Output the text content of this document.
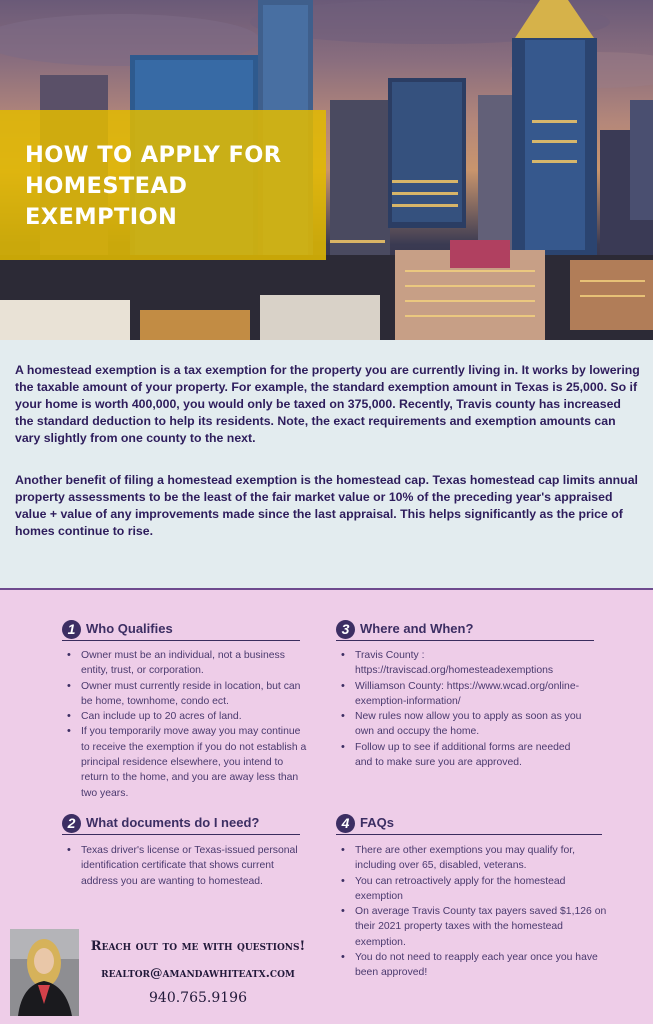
HOW TO APPLY FOR HOMESTEAD EXEMPTION

A homestead exemption is a tax exemption for the property you are currently living in. It works by lowering the taxable amount of your property. For example, the standard exemption amount in Texas is 25,000. So if your home is worth 400,000, you would only be taxed on 375,000. Recently, Travis county has increased the standard deduction to help its residents. Note, the exact requirements and exemption amounts can vary slightly from one county to the next.

Another benefit of filing a homestead exemption is the homestead cap. Texas homestead cap limits annual property assessments to be the least of the fair market value or 10% of the preceding year's appraised value + value of any improvements made since the last appraisal. This helps significantly as the price of homes continue to rise.

1 Who Qualifies
• Owner must be an individual, not a business entity, trust, or corporation.
• Owner must currently reside in location, but can be home, townhome, condo ect.
• Can include up to 20 acres of land.
• If you temporarily move away you may continue to receive the exemption if you do not establish a principal residence elsewhere, you intend to return to the home, and you are away less than two years.
2 What documents do I need?
• Texas driver's license or Texas-issued personal identification certificate that shows current address you are wanting to homestead.
3 Where and When?
• Travis County : https://traviscad.org/homesteadexemptions
• Williamson County: https://www.wcad.org/online-exemption-information/
• New rules now allow you to apply as soon as you own and occupy the home.
• Follow up to see if additional forms are needed and to make sure you are approved.
4 FAQs
• There are other exemptions you may qualify for, including over 65, disabled, veterans.
• You can retroactively apply for the homestead exemption
• On average Travis County tax payers saved $1,126 on their 2021 property taxes with the homestead exemption.
• You do not need to reapply each year once you have been approved!
Reach out to me with questions!
realtor@amandawhiteatx.com
940.765.9196
